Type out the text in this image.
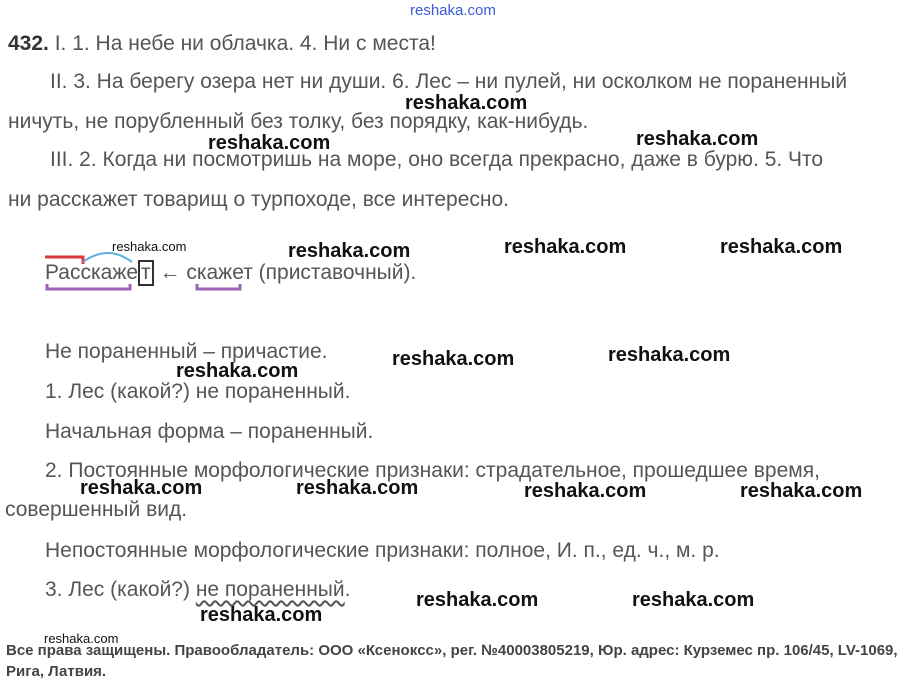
reshaka.com
432. I. 1. На небе ни облачка. 4. Ни с места!
II. 3. На берегу озера нет ни души. 6. Лес – ни пулей, ни осколком не пораненный
ничуть, не порубленный без толку, без порядку, как-нибудь.
III. 2. Когда ни посмотришь на море, оно всегда прекрасно, даже в бурю. 5. Что
ни расскажет товарищ о турпоходе, все интересно.
Расскажe т ← скажет (приставочный).
Не пораненный – причастие.
1. Лес (какой?) не пораненный.
Начальная форма – пораненный.
2. Постоянные морфологические признаки: страдательное, прошедшее время,
совершенный вид.
Непостоянные морфологические признаки: полное, И. п., ед. ч., м. р.
3. Лес (какой?) не пораненный.
reshaka.com
reshaka.com	reshaka.com
reshaka.com	reshaka.com	reshaka.com	reshaka.com
reshaka.com	reshaka.com
reshaka.com
reshaka.com	reshaka.com	reshaka.com	reshaka.com
reshaka.com	reshaka.com
reshaka.com
reshaka.com
Все права защищены. Правообладатель: ООО «Ксенокcс», рег. №40003805219, Юр. адрес: Курземес пр. 106/45, LV-1069, Рига, Латвия.
